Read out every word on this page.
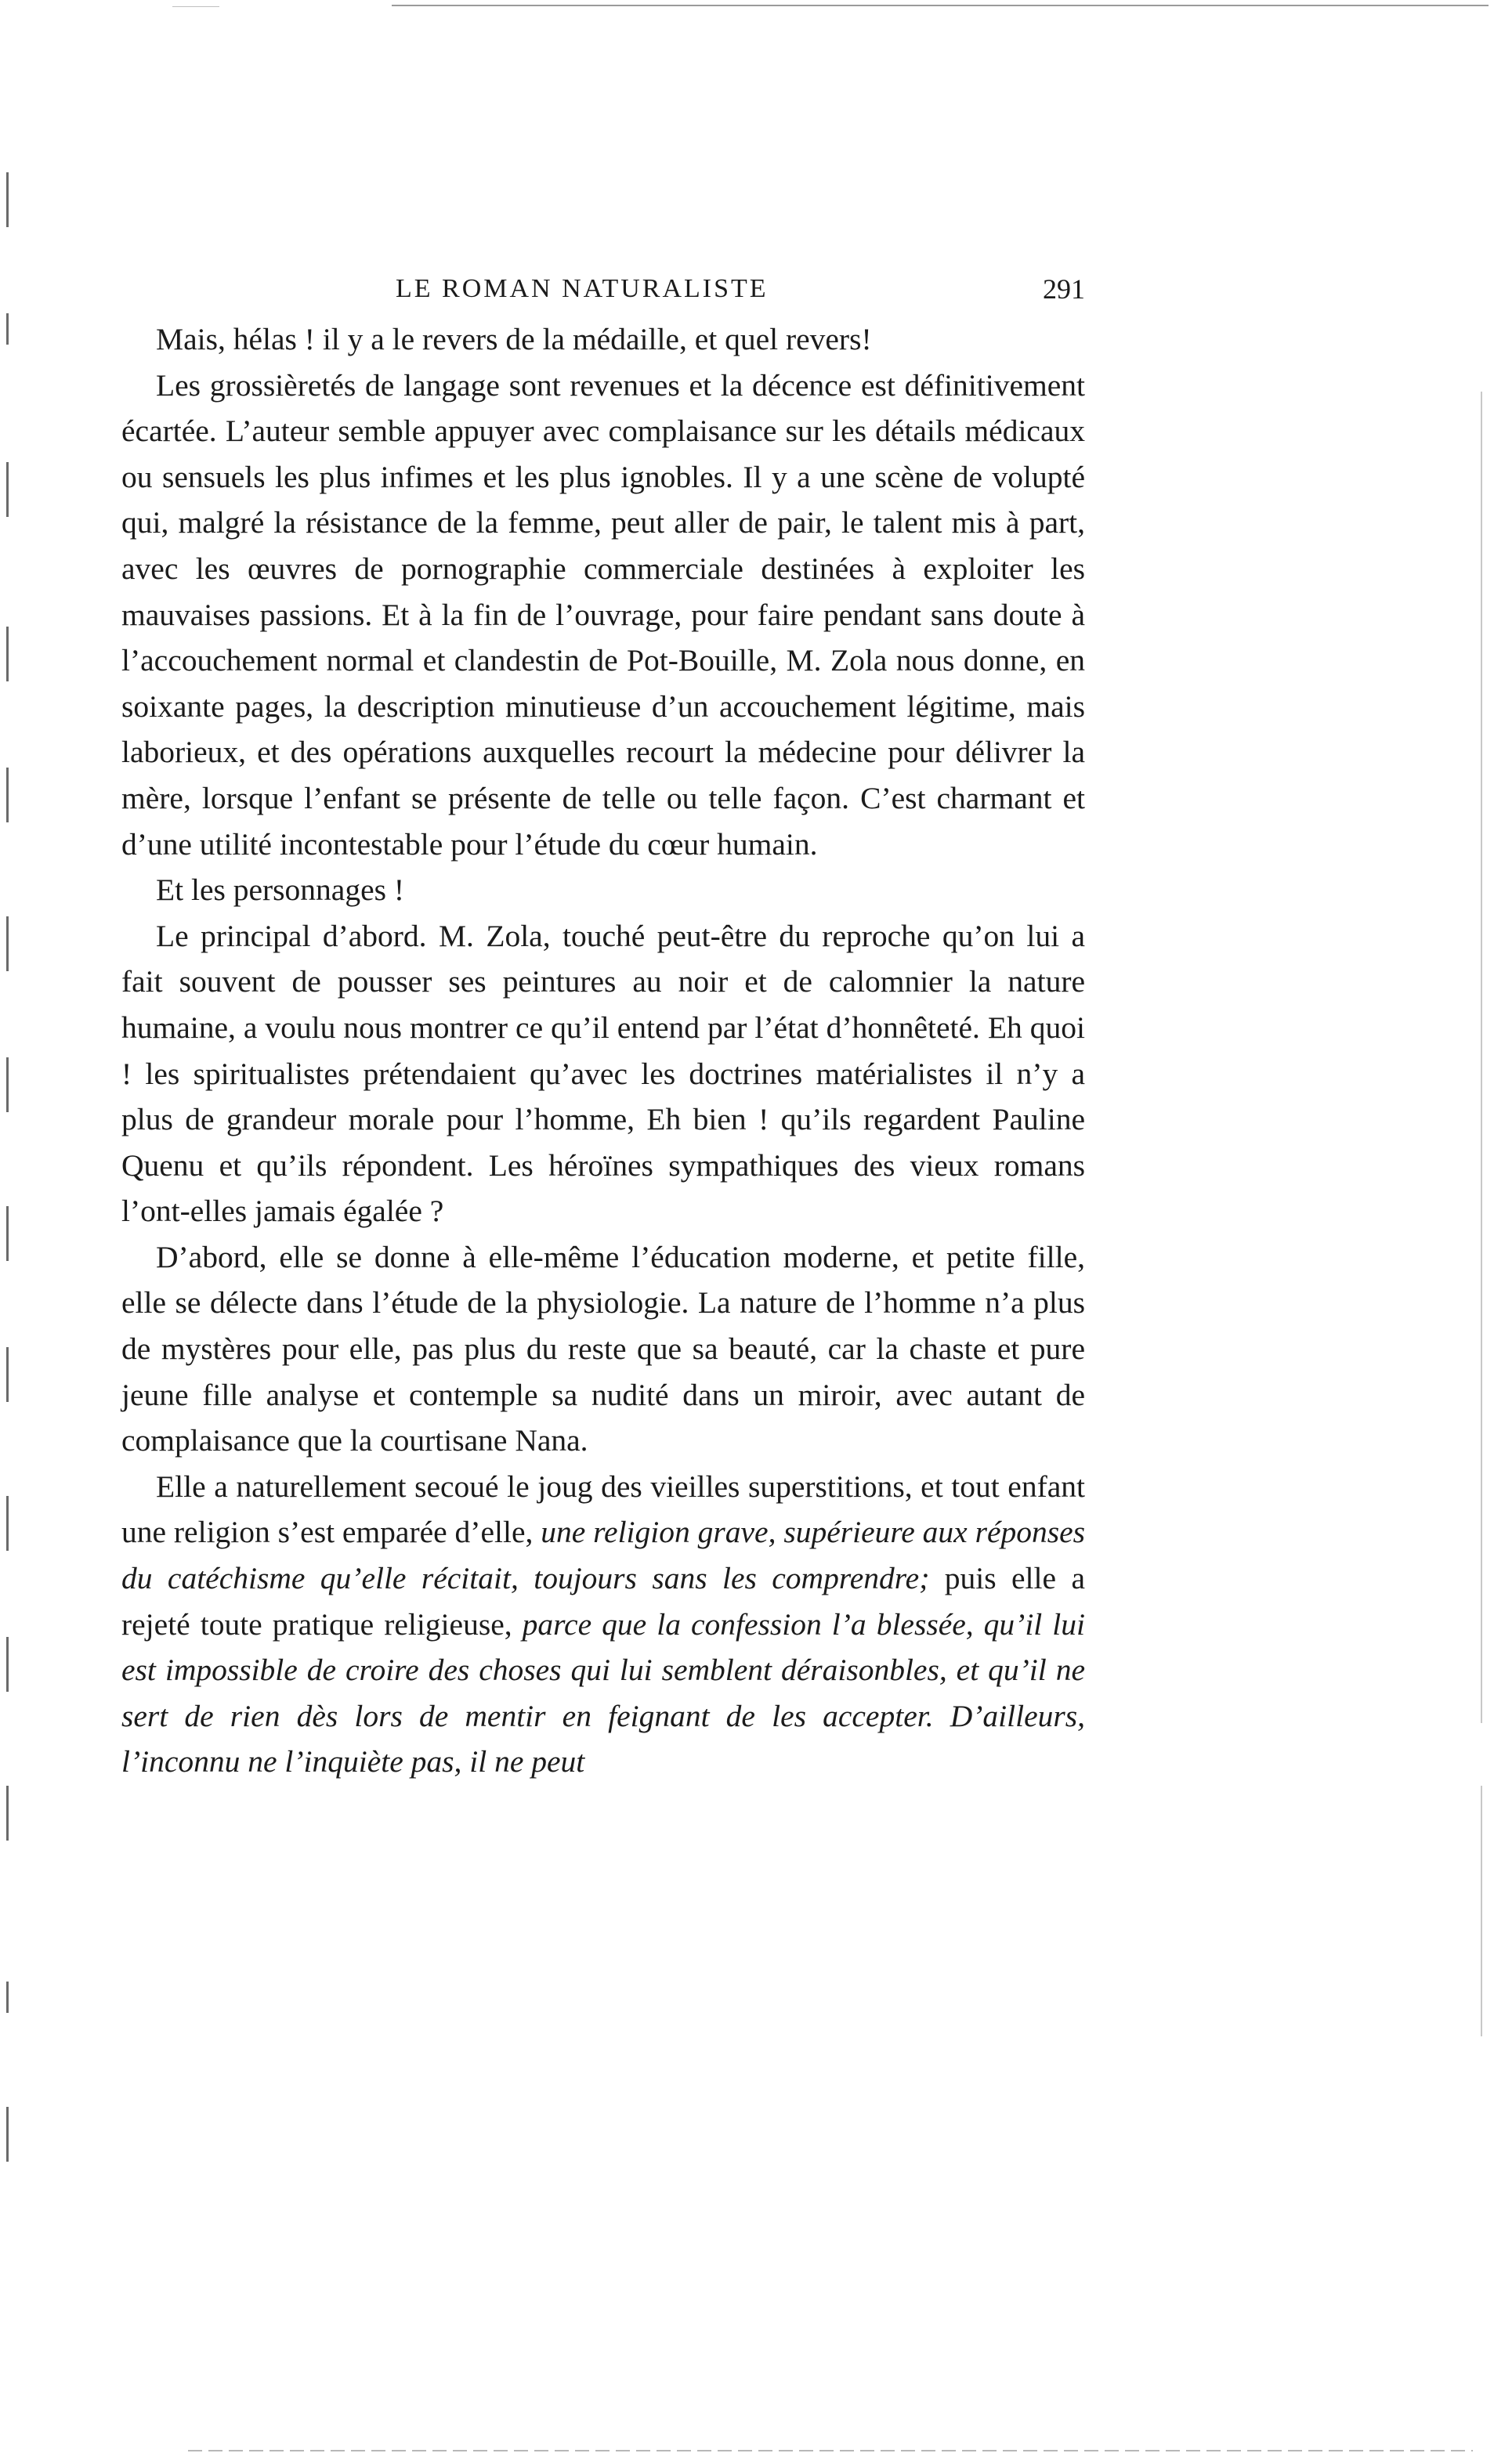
LE ROMAN NATURALISTE	291

Mais, hélas ! il y a le revers de la médaille, et quel revers!

Les grossièretés de langage sont revenues et la décence est définitivement écartée. L’auteur semble appuyer avec complaisance sur les détails médicaux ou sensuels les plus infimes et les plus ignobles. Il y a une scène de volupté qui, malgré la résistance de la femme, peut aller de pair, le talent mis à part, avec les œuvres de pornographie commerciale destinées à exploiter les mauvaises passions. Et à la fin de l’ouvrage, pour faire pendant sans doute à l’accouchement normal et clandestin de Pot-Bouille, M. Zola nous donne, en soixante pages, la description minutieuse d’un accouchement légitime, mais laborieux, et des opérations auxquelles recourt la médecine pour délivrer la mère, lorsque l’enfant se présente de telle ou telle façon. C’est charmant et d’une utilité incontestable pour l’étude du cœur humain.

Et les personnages !

Le principal d’abord. M. Zola, touché peut-être du reproche qu’on lui a fait souvent de pousser ses peintures au noir et de calomnier la nature humaine, a voulu nous montrer ce qu’il entend par l’état d’honnêteté. Eh quoi ! les spiritualistes prétendaient qu’avec les doctrines matérialistes il n’y a plus de grandeur morale pour l’homme, Eh bien ! qu’ils regardent Pauline Quenu et qu’ils répondent. Les héroïnes sympathiques des vieux romans l’ont-elles jamais égalée ?

D’abord, elle se donne à elle-même l’éducation moderne, et petite fille, elle se délecte dans l’étude de la physiologie. La nature de l’homme n’a plus de mystères pour elle, pas plus du reste que sa beauté, car la chaste et pure jeune fille analyse et contemple sa nudité dans un miroir, avec autant de complaisance que la courtisane Nana.

Elle a naturellement secoué le joug des vieilles superstitions, et tout enfant une religion s’est emparée d’elle, une religion grave, supérieure aux réponses du catéchisme qu’elle récitait, toujours sans les comprendre; puis elle a rejeté toute pratique religieuse, parce que la confession l’a blessée, qu’il lui est impossible de croire des choses qui lui semblent déraisonbles, et qu’il ne sert de rien dès lors de mentir en feignant de les accepter. D’ailleurs, l’inconnu ne l’inquiète pas, il ne peut
